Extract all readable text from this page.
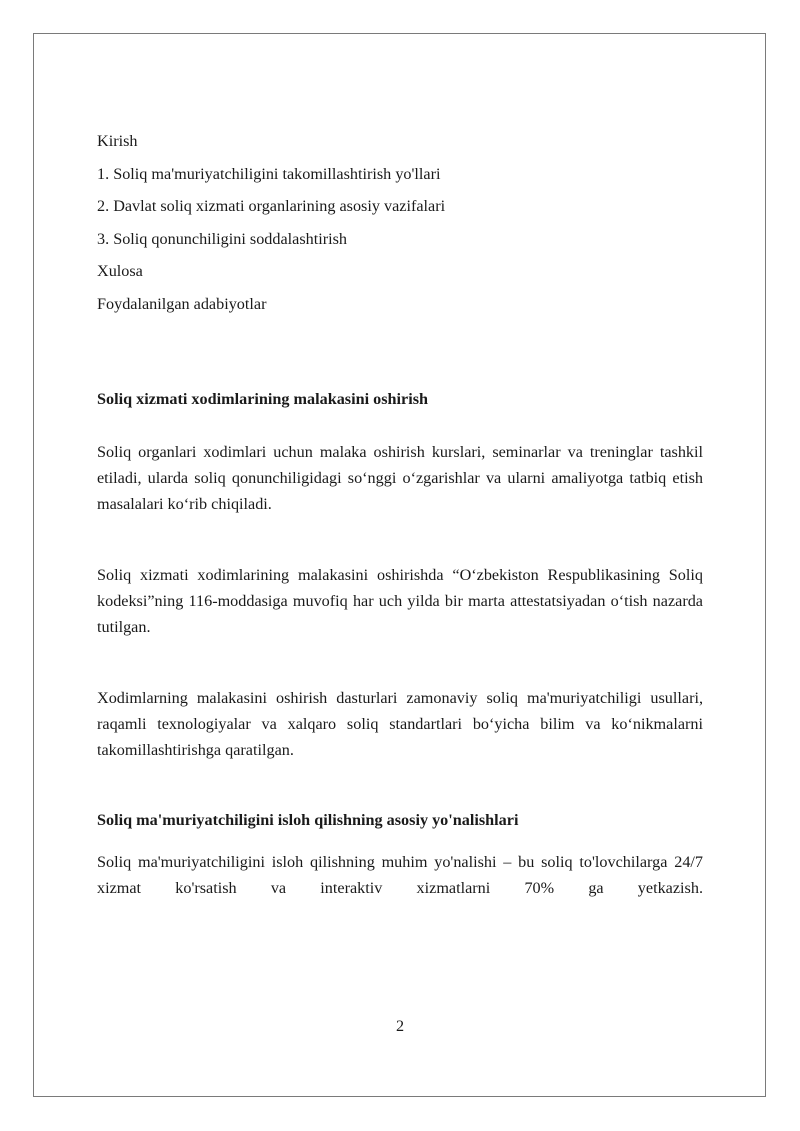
Kirish
1. Soliq ma'muriyatchiligini takomillashtirish yo'llari
2. Davlat soliq xizmati organlarining asosiy vazifalari
3. Soliq qonunchiligini soddalashtirish
Xulosa
Foydalanilgan adabiyotlar
Soliq xizmati xodimlarining malakasini oshirish
Soliq organlari xodimlari uchun malaka oshirish kurslari, seminarlar va treninglar tashkil etiladi, ularda soliq qonunchiligidagi so‘nggi o‘zgarishlar va ularni amaliyotga tatbiq etish masalalari ko‘rib chiqiladi.
Soliq xizmati xodimlarining malakasini oshirishda “O‘zbekiston Respublikasining Soliq kodeksi”ning 116-moddasiga muvofiq har uch yilda bir marta attestatsiyadan o‘tish nazarda tutilgan.
Xodimlarning malakasini oshirish dasturlari zamonaviy soliq ma'muriyatchiligi usullari, raqamli texnologiyalar va xalqaro soliq standartlari bo‘yicha bilim va ko‘nikmalarni takomillashtirishga qaratilgan.
Soliq ma'muriyatchiligini isloh qilishning asosiy yo'nalishlari
Soliq ma'muriyatchiligini isloh qilishning muhim yo'nalishi – bu soliq to'lovchilarga 24/7 xizmat ko'rsatish va interaktiv xizmatlarni 70% ga yetkazish.
2
